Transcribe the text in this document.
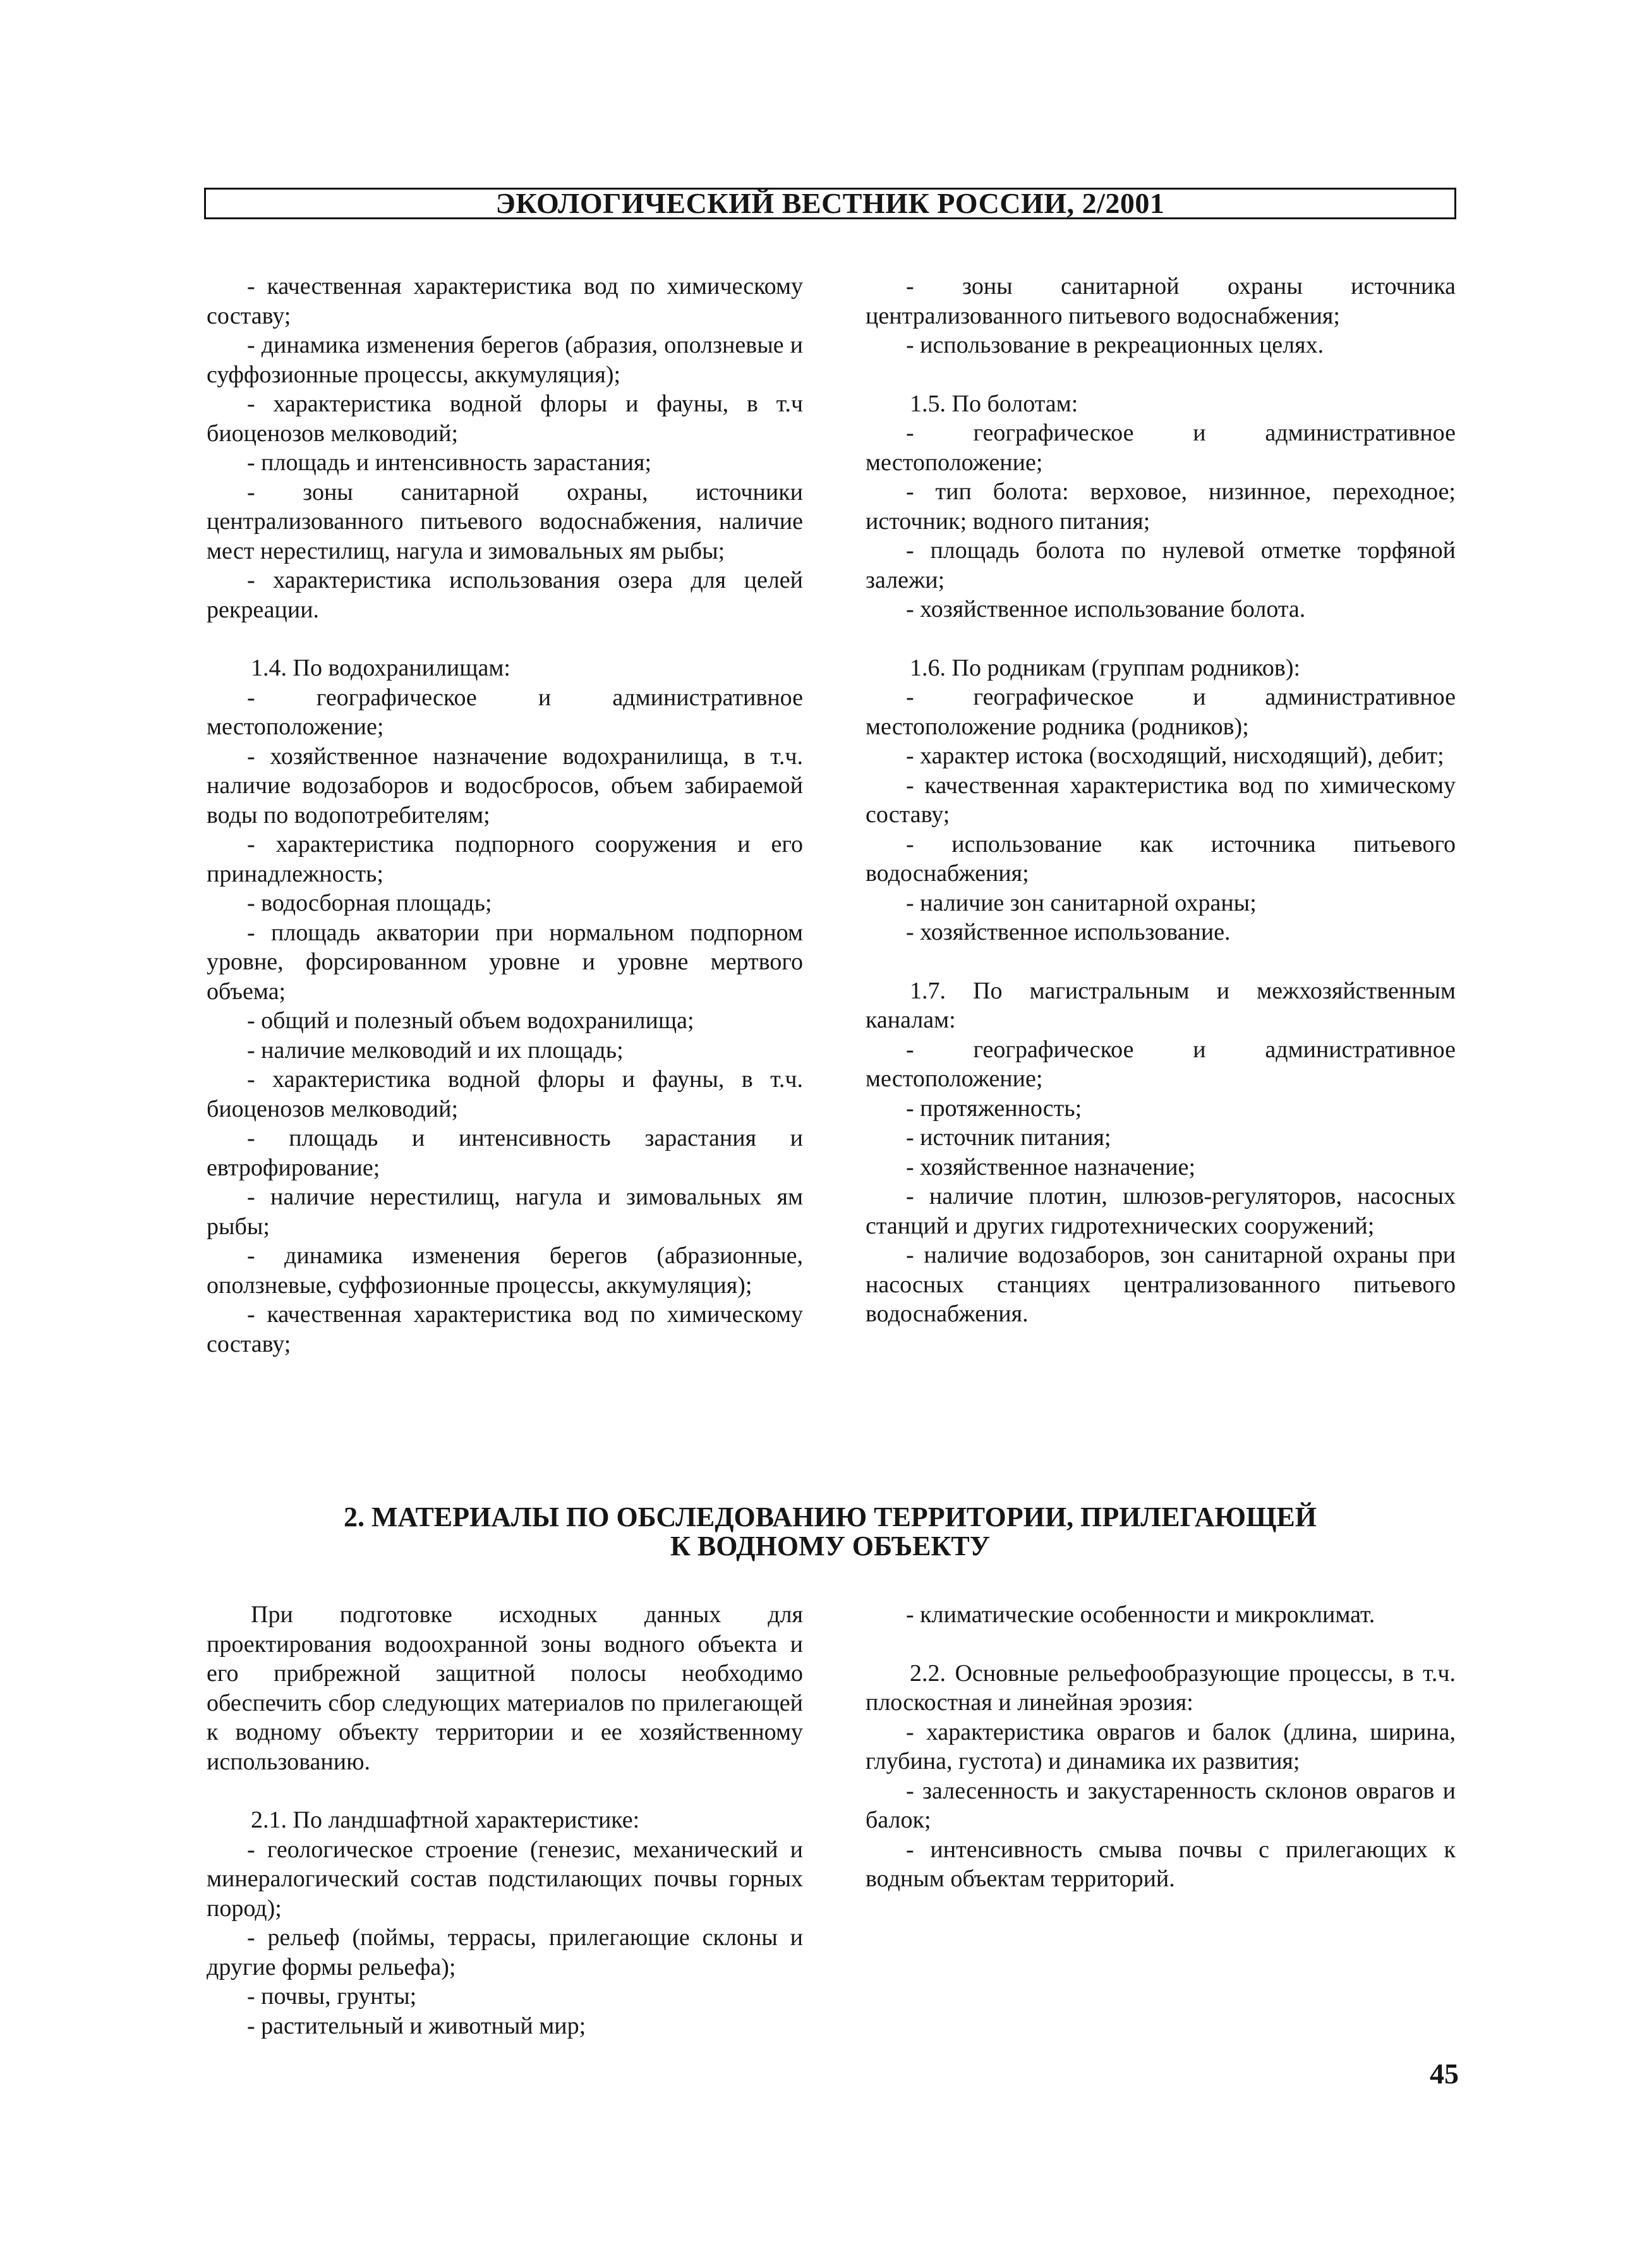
ЭКОЛОГИЧЕСКИЙ ВЕСТНИК РОССИИ, 2/2001

- качественная характеристика вод по химическому составу;

- динамика изменения берегов (абразия, оползневые и суффозионные процессы, аккумуляция);

- характеристика водной флоры и фауны, в т.ч биоценозов мелководий;

- площадь и интенсивность зарастания;

- зоны санитарной охраны, источники централизованного питьевого водоснабжения, наличие мест нерестилищ, нагула и зимовальных ям рыбы;

- характеристика использования озера для целей рекреации.

1.4. По водохранилищам:

- географическое и административное местоположение;

- хозяйственное назначение водохранилища, в т.ч. наличие водозаборов и водосбросов, объем забираемой воды по водопотребителям;

- характеристика подпорного сооружения и его принадлежность;

- водосборная площадь;

- площадь акватории при нормальном подпорном уровне, форсированном уровне и уровне мертвого объема;

- общий и полезный объем водохранилища;

- наличие мелководий и их площадь;

- характеристика водной флоры и фауны, в т.ч. биоценозов мелководий;

- площадь и интенсивность зарастания и евтрофирование;

- наличие нерестилищ, нагула и зимовальных ям рыбы;

- динамика изменения берегов (абразионные, оползневые, суффозионные процессы, аккумуляция);

- качественная характеристика вод по химическому составу;

- зоны санитарной охраны источника централизованного питьевого водоснабжения;

- использование в рекреационных целях.

1.5. По болотам:

- географическое и административное местоположение;

- тип болота: верховое, низинное, переходное; источник; водного питания;

- площадь болота по нулевой отметке торфяной залежи;

- хозяйственное использование болота.

1.6. По родникам (группам родников):

- географическое и административное местоположение родника (родников);

- характер истока (восходящий, нисходящий), дебит;

- качественная характеристика вод по химическому составу;

- использование как источника питьевого водоснабжения;

- наличие зон санитарной охраны;

- хозяйственное использование.

1.7. По магистральным и межхозяйственным каналам:

- географическое и административное местоположение;

- протяженность;

- источник питания;

- хозяйственное назначение;

- наличие плотин, шлюзов-регуляторов, насосных станций и других гидротехнических сооружений;

- наличие водозаборов, зон санитарной охраны при насосных станциях централизованного питьевого водоснабжения.

2. МАТЕРИАЛЫ ПО ОБСЛЕДОВАНИЮ ТЕРРИТОРИИ, ПРИЛЕГАЮЩЕЙ
К ВОДНОМУ ОБЪЕКТУ

При подготовке исходных данных для проектирования водоохранной зоны водного объекта и его прибрежной защитной полосы необходимо обеспечить сбор следующих материалов по прилегающей к водному объекту территории и ее хозяйственному использованию.

2.1. По ландшафтной характеристике:

- геологическое строение (генезис, механический и минералогический состав подстилающих почвы горных пород);

- рельеф (поймы, террасы, прилегающие склоны и другие формы рельефа);

- почвы, грунты;

- растительный и животный мир;

- климатические особенности и микроклимат.

2.2. Основные рельефообразующие процессы, в т.ч. плоскостная и линейная эрозия:

- характеристика оврагов и балок (длина, ширина, глубина, густота) и динамика их развития;

- залесенность и закустаренность склонов оврагов и балок;

- интенсивность смыва почвы с прилегающих к водным объектам территорий.

45
